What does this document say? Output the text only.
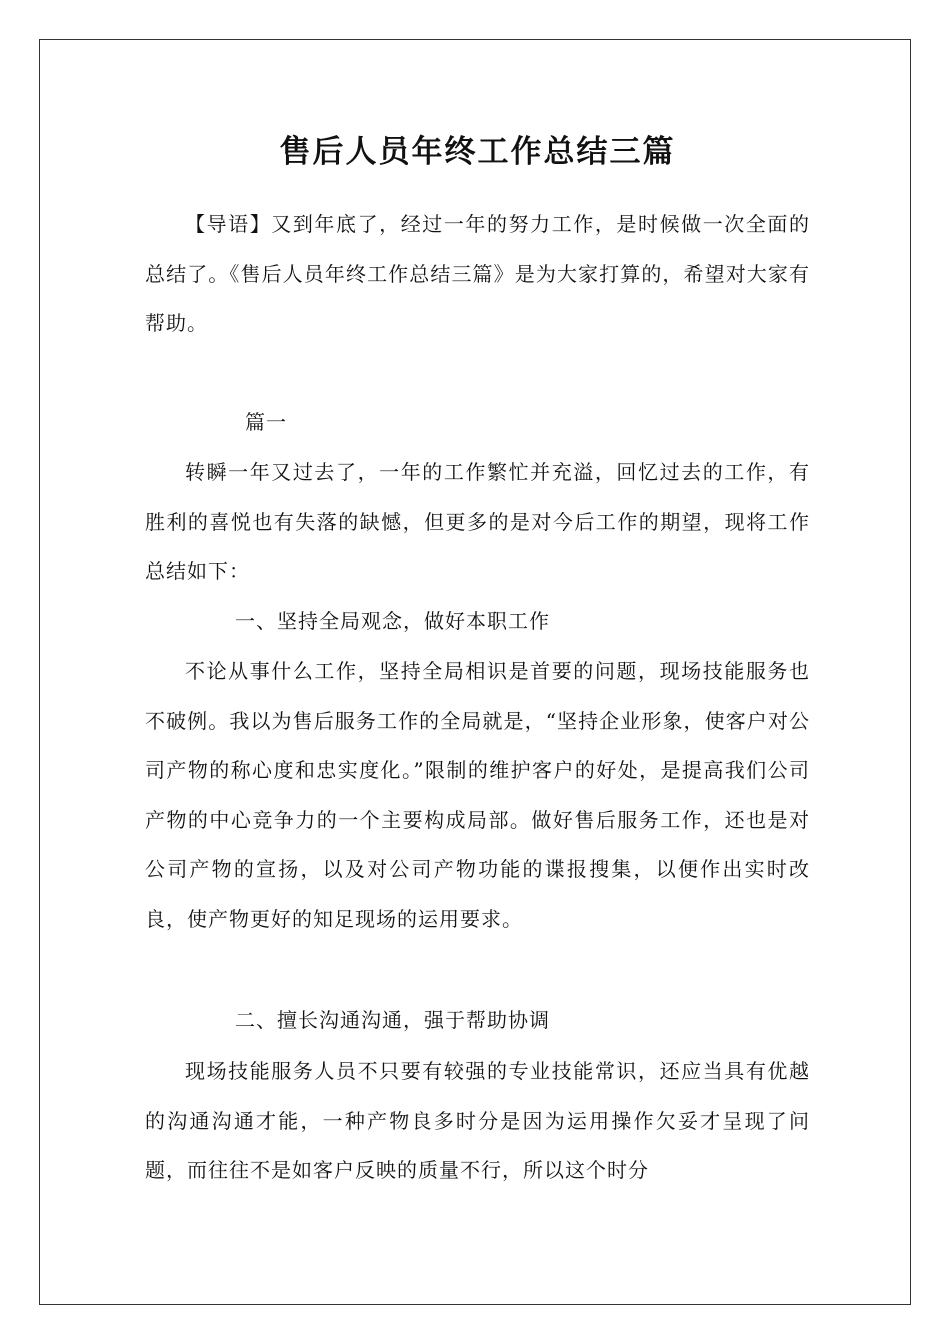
售后人员年终工作总结三篇

【导语】又到年底了，经过一年的努力工作，是时候做一次全面的总结了。《售后人员年终工作总结三篇》是为大家打算的，希望对大家有帮助。

篇一

转瞬一年又过去了，一年的工作繁忙并充溢，回忆过去的工作，有胜利的喜悦也有失落的缺憾，但更多的是对今后工作的期望，现将工作总结如下：

一、坚持全局观念，做好本职工作

不论从事什么工作，坚持全局相识是首要的问题，现场技能服务也不破例。我以为售后服务工作的全局就是，“坚持企业形象，使客户对公司产物的称心度和忠实度化。”限制的维护客户的好处，是提高我们公司产物的中心竞争力的一个主要构成局部。做好售后服务工作，还也是对公司产物的宣扬，以及对公司产物功能的谍报搜集，以便作出实时改良，使产物更好的知足现场的运用要求。

二、擅长沟通沟通，强于帮助协调

现场技能服务人员不只要有较强的专业技能常识，还应当具有优越的沟通沟通才能，一种产物良多时分是因为运用操作欠妥才呈现了问题，而往往不是如客户反映的质量不行，所以这个时分
